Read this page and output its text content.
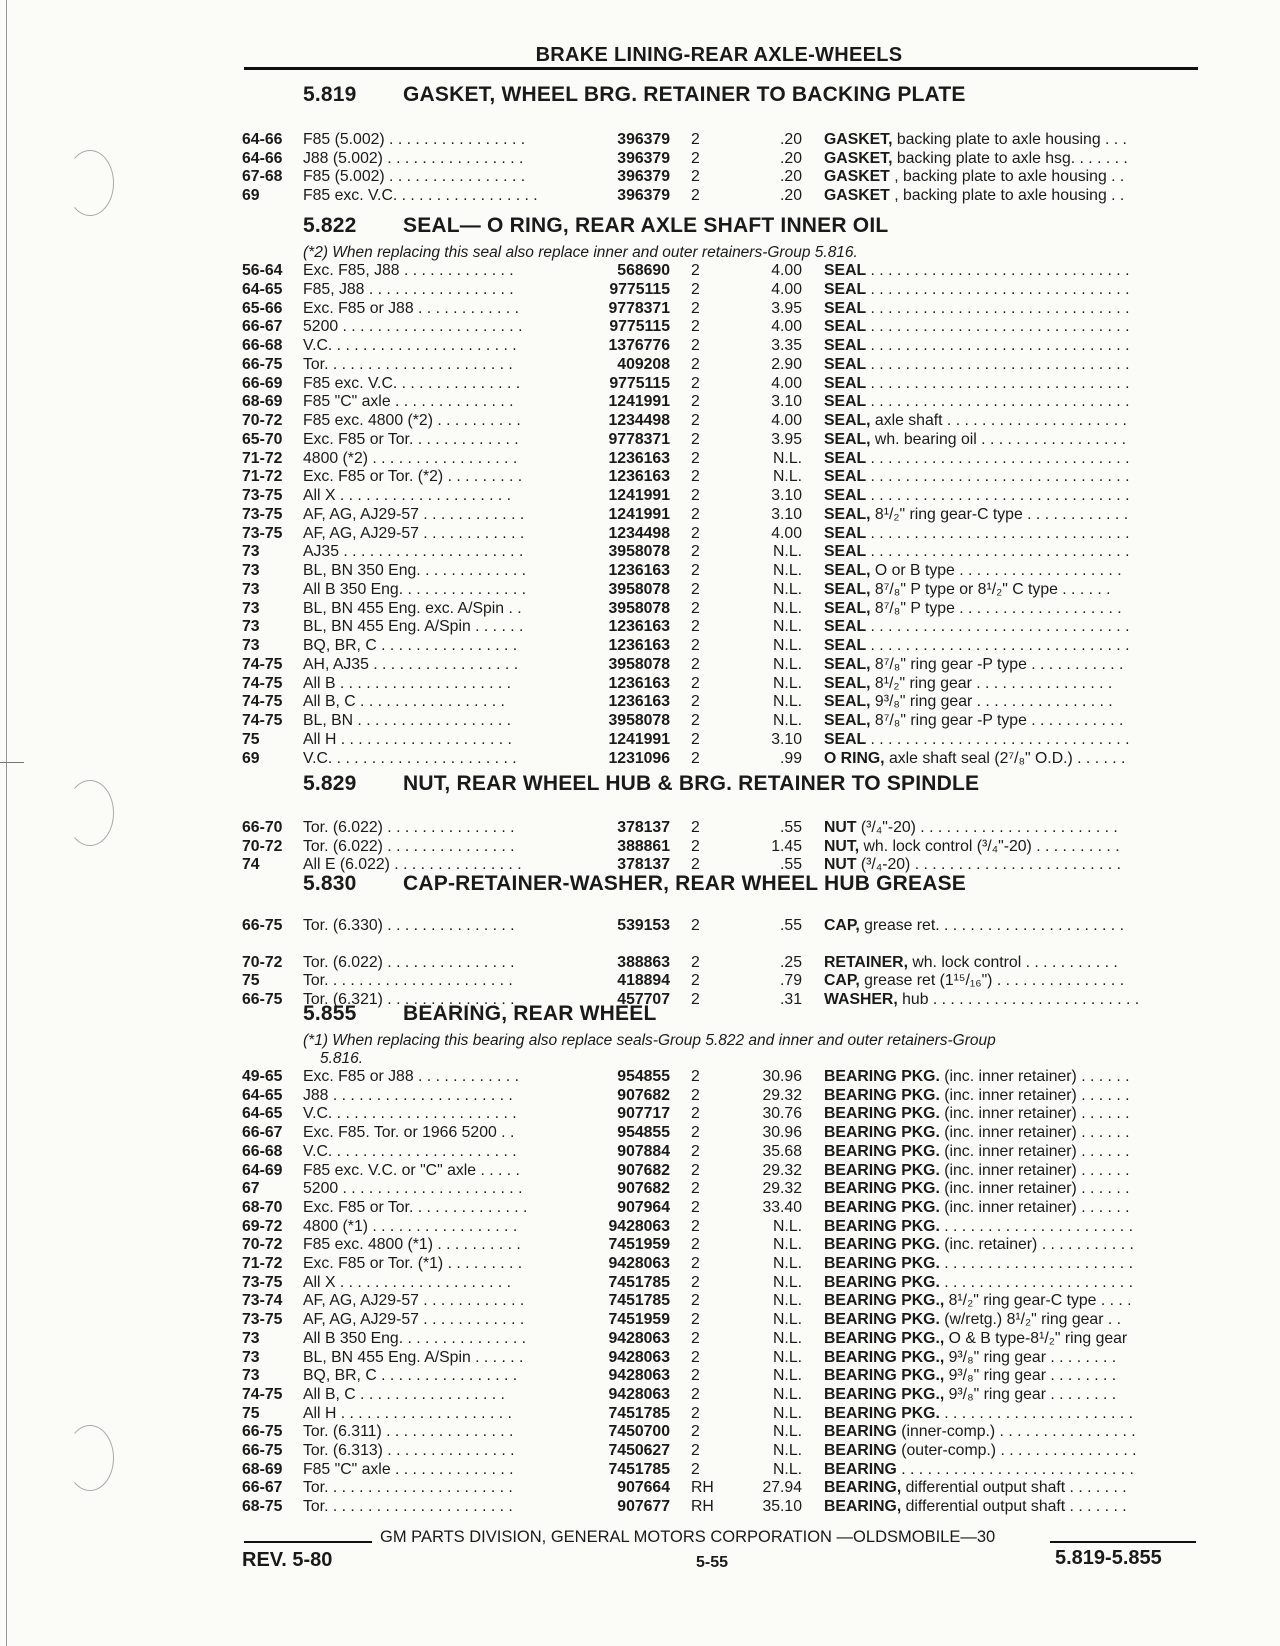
BRAKE LINING-REAR AXLE-WHEELS
5.819 GASKET, WHEEL BRG. RETAINER TO BACKING PLATE
64-66 F85 (5.002) . . . . . . . . . . . . . . . .	396379 2	.20 GASKET, backing plate to axle housing . . .
64-66 J88 (5.002) . . . . . . . . . . . . . . . .	396379 2	.20 GASKET, backing plate to axle hsg. . . . . . .
67-68 F85 (5.002) . . . . . . . . . . . . . . . .	396379 2	.20 GASKET , backing plate to axle housing . .
69	F85 exc. V.C. . . . . . . . . . . . . . . . .	396379 2	.20 GASKET , backing plate to axle housing . .
5.822 SEAL— O RING, REAR AXLE SHAFT INNER OIL
(*2) When replacing this seal also replace inner and outer retainers-Group 5.816.
56-64 Exc. F85, J88 . . . . . . . . . . . . .	568690 2	4.00 SEAL . . . . . . . . . . . . . . . . . . . . . . . . . . . . . .
64-65 F85, J88 . . . . . . . . . . . . . . . . .	9775115 2	4.00 SEAL . . . . . . . . . . . . . . . . . . . . . . . . . . . . . .
65-66 Exc. F85 or J88 . . . . . . . . . . . .	9778371 2	3.95 SEAL . . . . . . . . . . . . . . . . . . . . . . . . . . . . . .
66-67 5200 . . . . . . . . . . . . . . . . . . . . .	9775115 2	4.00 SEAL . . . . . . . . . . . . . . . . . . . . . . . . . . . . . .
66-68 V.C. . . . . . . . . . . . . . . . . . . . . .	1376776 2	3.35 SEAL . . . . . . . . . . . . . . . . . . . . . . . . . . . . . .
66-75 Tor. . . . . . . . . . . . . . . . . . . . . .	409208 2	2.90 SEAL . . . . . . . . . . . . . . . . . . . . . . . . . . . . . .
66-69 F85 exc. V.C. . . . . . . . . . . . . . .	9775115 2	4.00 SEAL . . . . . . . . . . . . . . . . . . . . . . . . . . . . . .
68-69 F85 "C" axle . . . . . . . . . . . . . .	1241991 2	3.10 SEAL . . . . . . . . . . . . . . . . . . . . . . . . . . . . . .
70-72 F85 exc. 4800 (*2) . . . . . . . . . .	1234498 2	4.00 SEAL, axle shaft . . . . . . . . . . . . . . . . . . . . .
65-70 Exc. F85 or Tor. . . . . . . . . . . . .	9778371 2	3.95 SEAL, wh. bearing oil . . . . . . . . . . . . . . . . .
71-72 4800 (*2) . . . . . . . . . . . . . . . . .	1236163 2	N.L. SEAL . . . . . . . . . . . . . . . . . . . . . . . . . . . . . .
71-72 Exc. F85 or Tor. (*2) . . . . . . . . .	1236163 2	N.L. SEAL . . . . . . . . . . . . . . . . . . . . . . . . . . . . . .
73-75 All X . . . . . . . . . . . . . . . . . . . .	1241991 2	3.10 SEAL . . . . . . . . . . . . . . . . . . . . . . . . . . . . . .
73-75 AF, AG, AJ29-57 . . . . . . . . . . . .	1241991 2	3.10 SEAL, 8¹/₂" ring gear-C type . . . . . . . . . . . .
73-75 AF, AG, AJ29-57 . . . . . . . . . . . .	1234498 2	4.00 SEAL . . . . . . . . . . . . . . . . . . . . . . . . . . . . . .
73	AJ35 . . . . . . . . . . . . . . . . . . . . .	3958078 2	N.L. SEAL . . . . . . . . . . . . . . . . . . . . . . . . . . . . . .
73	BL, BN 350 Eng. . . . . . . . . . . . .	1236163 2	N.L. SEAL, O or B type . . . . . . . . . . . . . . . . . . .
73	All B 350 Eng. . . . . . . . . . . . . . .	3958078 2	N.L. SEAL, 8⁷/₈" P type or 8¹/₂" C type . . . . . .
73	BL, BN 455 Eng. exc. A/Spin . .	3958078 2	N.L. SEAL, 8⁷/₈" P type . . . . . . . . . . . . . . . . . . .
73	BL, BN 455 Eng. A/Spin . . . . . .	1236163 2	N.L. SEAL . . . . . . . . . . . . . . . . . . . . . . . . . . . . . .
73	BQ, BR, C . . . . . . . . . . . . . . . .	1236163 2	N.L. SEAL . . . . . . . . . . . . . . . . . . . . . . . . . . . . . .
74-75 AH, AJ35 . . . . . . . . . . . . . . . . .	3958078 2	N.L. SEAL, 8⁷/₈" ring gear -P type . . . . . . . . . . .
74-75 All B . . . . . . . . . . . . . . . . . . . .	1236163 2	N.L. SEAL, 8¹/₂" ring gear . . . . . . . . . . . . . . . .
74-75 All B, C . . . . . . . . . . . . . . . . .	1236163 2	N.L. SEAL, 9³/₈" ring gear . . . . . . . . . . . . . . . .
74-75 BL, BN . . . . . . . . . . . . . . . . . .	3958078 2	N.L. SEAL, 8⁷/₈" ring gear -P type . . . . . . . . . . .
75	All H . . . . . . . . . . . . . . . . . . . .	1241991 2	3.10 SEAL . . . . . . . . . . . . . . . . . . . . . . . . . . . . . .
69	V.C. . . . . . . . . . . . . . . . . . . . . .	1231096 2	.99 O RING, axle shaft seal (2⁷/₈" O.D.) . . . . . .
5.829 NUT, REAR WHEEL HUB & BRG. RETAINER TO SPINDLE
66-70 Tor. (6.022) . . . . . . . . . . . . . . .	378137 2	.55 NUT (³/₄"-20) . . . . . . . . . . . . . . . . . . . . . . .
70-72 Tor. (6.022) . . . . . . . . . . . . . . .	388861 2	1.45 NUT, wh. lock control (³/₄"-20) . . . . . . . . . .
74	All E (6.022) . . . . . . . . . . . . . . .	378137 2	.55 NUT (³/₄-20) . . . . . . . . . . . . . . . . . . . . . . . .
5.830 CAP-RETAINER-WASHER, REAR WHEEL HUB GREASE
66-75 Tor. (6.330) . . . . . . . . . . . . . . .	539153 2	.55 CAP, grease ret. . . . . . . . . . . . . . . . . . . . . .
70-72 Tor. (6.022) . . . . . . . . . . . . . . .	388863 2	.25 RETAINER, wh. lock control . . . . . . . . . . .
75	Tor. . . . . . . . . . . . . . . . . . . . . .	418894 2	.79 CAP, grease ret (1¹⁵/₁₆") . . . . . . . . . . . . . . .
66-75 Tor. (6.321) . . . . . . . . . . . . . . .	457707 2	.31 WASHER, hub . . . . . . . . . . . . . . . . . . . . . . . .
5.855 BEARING, REAR WHEEL
(*1) When replacing this bearing also replace seals-Group 5.822 and inner and outer retainers-Group
5.816.
49-65 Exc. F85 or J88 . . . . . . . . . . . .	954855 2	30.96 BEARING PKG. (inc. inner retainer) . . . . . .
64-65 J88 . . . . . . . . . . . . . . . . . . . . .	907682 2	29.32 BEARING PKG. (inc. inner retainer) . . . . . .
64-65 V.C. . . . . . . . . . . . . . . . . . . . . .	907717 2	30.76 BEARING PKG. (inc. inner retainer) . . . . . .
66-67 Exc. F85. Tor. or 1966 5200 . .	954855 2	30.96 BEARING PKG. (inc. inner retainer) . . . . . .
66-68 V.C. . . . . . . . . . . . . . . . . . . . . .	907884 2	35.68 BEARING PKG. (inc. inner retainer) . . . . . .
64-69 F85 exc. V.C. or "C" axle . . . . .	907682 2	29.32 BEARING PKG. (inc. inner retainer) . . . . . .
67	5200 . . . . . . . . . . . . . . . . . . . . .	907682 2	29.32 BEARING PKG. (inc. inner retainer) . . . . . .
68-70 Exc. F85 or Tor. . . . . . . . . . . . . .	907964 2	33.40 BEARING PKG. (inc. inner retainer) . . . . . .
69-72 4800 (*1) . . . . . . . . . . . . . . . . .	9428063 2	N.L. BEARING PKG. . . . . . . . . . . . . . . . . . . . . . .
70-72 F85 exc. 4800 (*1) . . . . . . . . . .	7451959 2	N.L. BEARING PKG. (inc. retainer) . . . . . . . . . . .
71-72 Exc. F85 or Tor. (*1) . . . . . . . . .	9428063 2	N.L. BEARING PKG. . . . . . . . . . . . . . . . . . . . . . .
73-75 All X . . . . . . . . . . . . . . . . . . . .	7451785 2	N.L. BEARING PKG. . . . . . . . . . . . . . . . . . . . . . .
73-74 AF, AG, AJ29-57 . . . . . . . . . . . .	7451785 2	N.L. BEARING PKG., 8¹/₂" ring gear-C type . . . .
73-75 AF, AG, AJ29-57 . . . . . . . . . . . .	7451959 2	N.L. BEARING PKG. (w/retg.) 8¹/₂" ring gear . .
73	All B 350 Eng. . . . . . . . . . . . . . .	9428063 2	N.L. BEARING PKG., O & B type-8¹/₂" ring gear
73	BL, BN 455 Eng. A/Spin . . . . . .	9428063 2	N.L. BEARING PKG., 9³/₈" ring gear . . . . . . . .
73	BQ, BR, C . . . . . . . . . . . . . . . .	9428063 2	N.L. BEARING PKG., 9³/₈" ring gear . . . . . . . .
74-75 All B, C . . . . . . . . . . . . . . . . .	9428063 2	N.L. BEARING PKG., 9³/₈" ring gear . . . . . . . .
75	All H . . . . . . . . . . . . . . . . . . . .	7451785 2	N.L. BEARING PKG. . . . . . . . . . . . . . . . . . . . . . .
66-75 Tor. (6.311) . . . . . . . . . . . . . . .	7450700 2	N.L. BEARING (inner-comp.) . . . . . . . . . . . . . . . .
66-75 Tor. (6.313) . . . . . . . . . . . . . . .	7450627 2	N.L. BEARING (outer-comp.) . . . . . . . . . . . . . . . .
68-69 F85 "C" axle . . . . . . . . . . . . . .	7451785 2	N.L. BEARING . . . . . . . . . . . . . . . . . . . . . . . . . . .
66-67 Tor. . . . . . . . . . . . . . . . . . . . . .	907664 RH	27.94 BEARING, differential output shaft . . . . . . .
68-75 Tor. . . . . . . . . . . . . . . . . . . . . .	907677 RH	35.10 BEARING, differential output shaft . . . . . . .
GM PARTS DIVISION, GENERAL MOTORS CORPORATION —OLDSMOBILE—30
REV. 5-80	5-55	5.819-5.855
